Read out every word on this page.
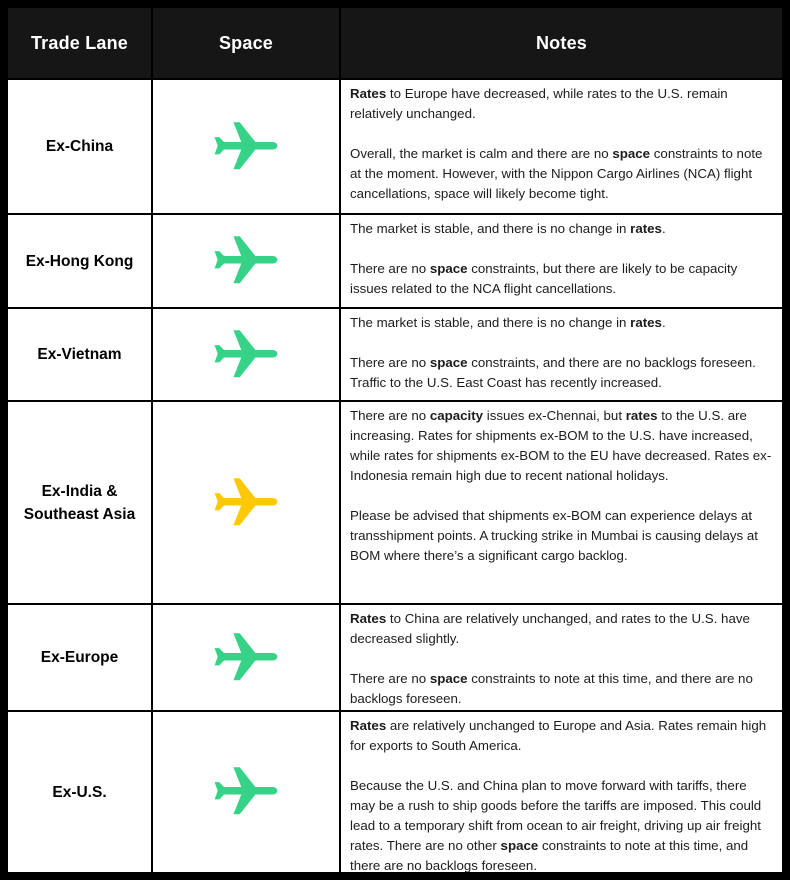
Trade Lane	Space	Notes
Ex-China

Rates to Europe have decreased, while rates to the U.S. remain relatively unchanged.

Overall, the market is calm and there are no space constraints to note at the moment. However, with the Nippon Cargo Airlines (NCA) flight cancellations, space will likely become tight.

Ex-Hong Kong

The market is stable, and there is no change in rates.

There are no space constraints, but there are likely to be capacity issues related to the NCA flight cancellations.

Ex-Vietnam

The market is stable, and there is no change in rates.

There are no space constraints, and there are no backlogs foreseen. Traffic to the U.S. East Coast has recently increased.

Ex-India & Southeast Asia

There are no capacity issues ex-Chennai, but rates to the U.S. are increasing. Rates for shipments ex-BOM to the U.S. have increased, while rates for shipments ex-BOM to the EU have decreased. Rates ex-Indonesia remain high due to recent national holidays.

Please be advised that shipments ex-BOM can experience delays at transshipment points. A trucking strike in Mumbai is causing delays at BOM where there’s a significant cargo backlog.

Ex-Europe

Rates to China are relatively unchanged, and rates to the U.S. have decreased slightly.

There are no space constraints to note at this time, and there are no backlogs foreseen.

Ex-U.S.

Rates are relatively unchanged to Europe and Asia. Rates remain high for exports to South America.

Because the U.S. and China plan to move forward with tariffs, there may be a rush to ship goods before the tariffs are imposed. This could lead to a temporary shift from ocean to air freight, driving up air freight rates. There are no other space constraints to note at this time, and there are no backlogs foreseen.
